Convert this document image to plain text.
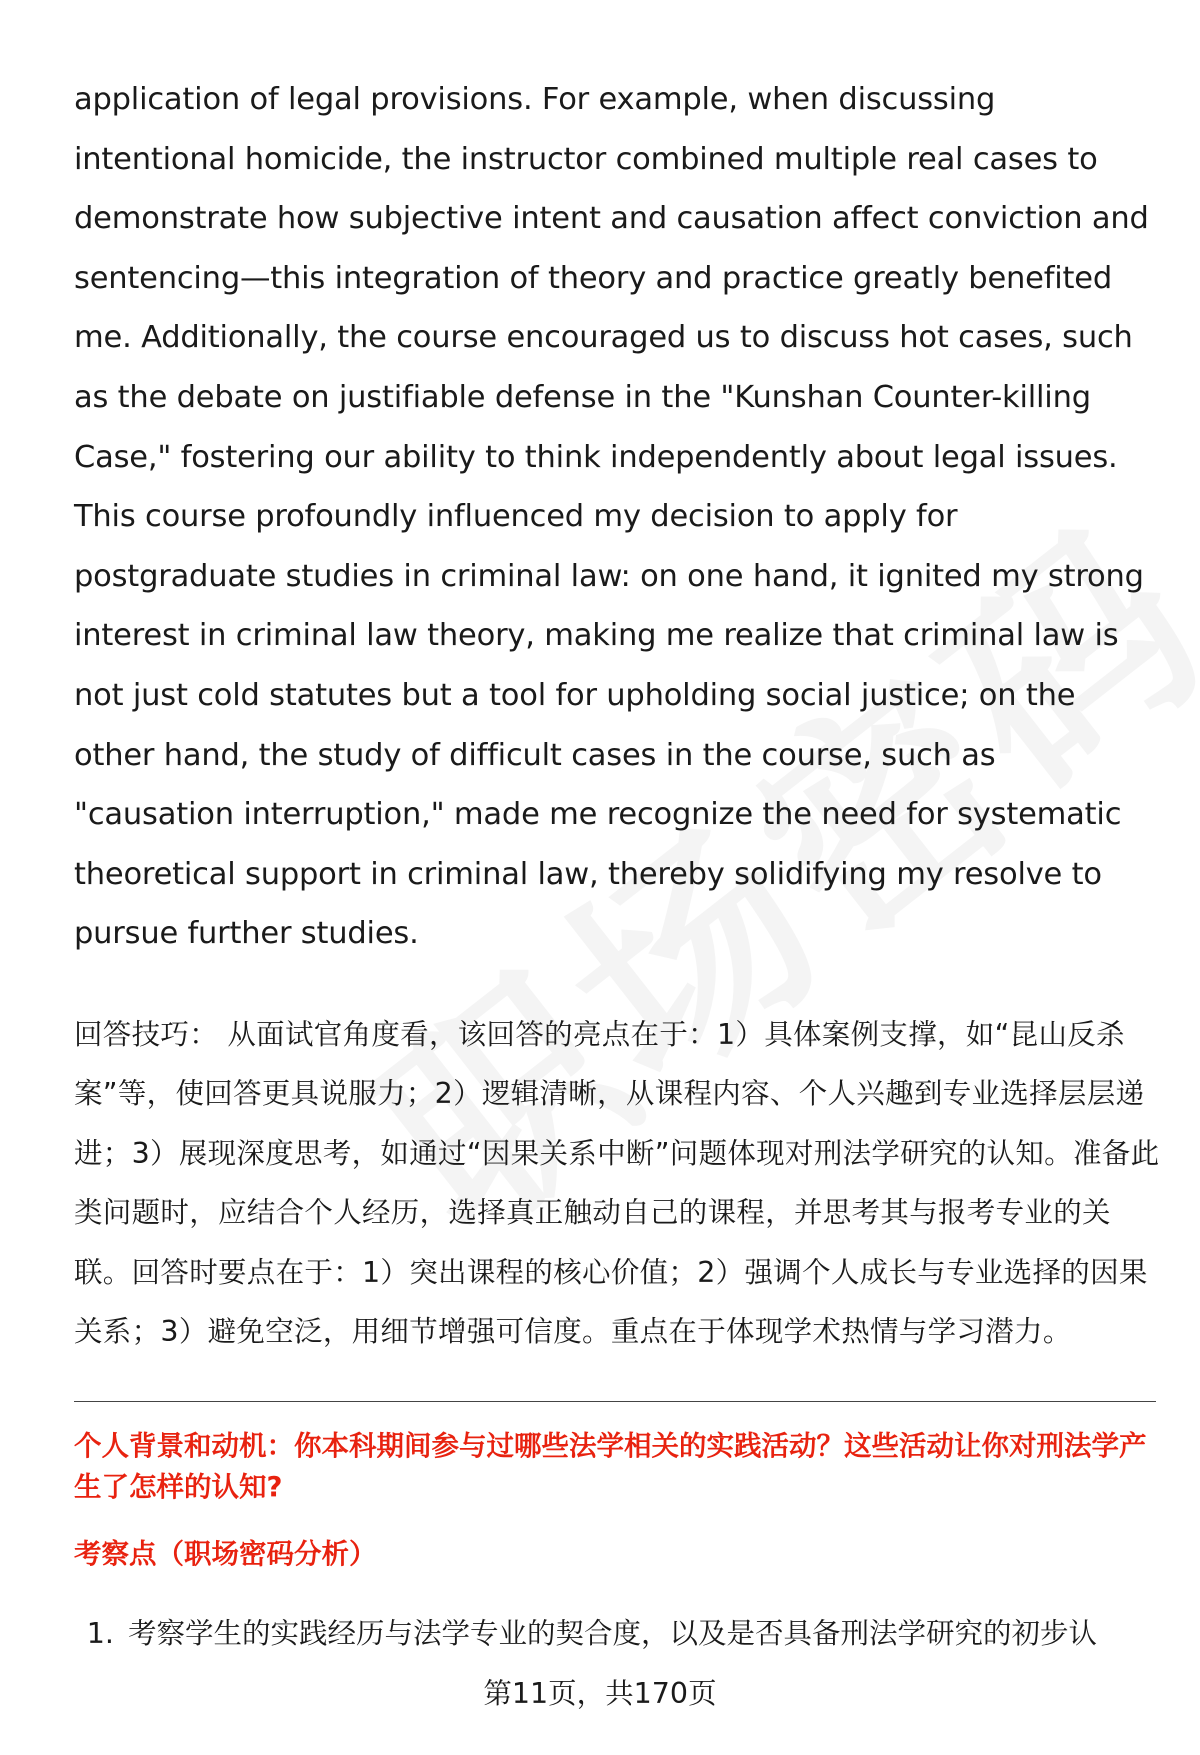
application of legal provisions. For example, when discussing intentional homicide, the instructor combined multiple real cases to demonstrate how subjective intent and causation affect conviction and sentencing—this integration of theory and practice greatly benefited me. Additionally, the course encouraged us to discuss hot cases, such as the debate on justifiable defense in the "Kunshan Counter-killing Case," fostering our ability to think independently about legal issues. This course profoundly influenced my decision to apply for postgraduate studies in criminal law: on one hand, it ignited my strong interest in criminal law theory, making me realize that criminal law is not just cold statutes but a tool for upholding social justice; on the other hand, the study of difficult cases in the course, such as "causation interruption," made me recognize the need for systematic theoretical support in criminal law, thereby solidifying my resolve to pursue further studies.

回答技巧： 从面试官角度看，该回答的亮点在于：1）具体案例支撑，如“昆山反杀案”等，使回答更具说服力；2）逻辑清晰，从课程内容、个人兴趣到专业选择层层递进；3）展现深度思考，如通过“因果关系中断”问题体现对刑法学研究的认知。准备此类问题时，应结合个人经历，选择真正触动自己的课程，并思考其与报考专业的关联。回答时要点在于：1）突出课程的核心价值；2）强调个人成长与专业选择的因果关系；3）避免空泛，用细节增强可信度。重点在于体现学术热情与学习潜力。

个人背景和动机：你本科期间参与过哪些法学相关的实践活动？这些活动让你对刑法学产生了怎样的认知?
考察点（职场密码分析）
1. 考察学生的实践经历与法学专业的契合度，以及是否具备刑法学研究的初步认
第11页，共170页
